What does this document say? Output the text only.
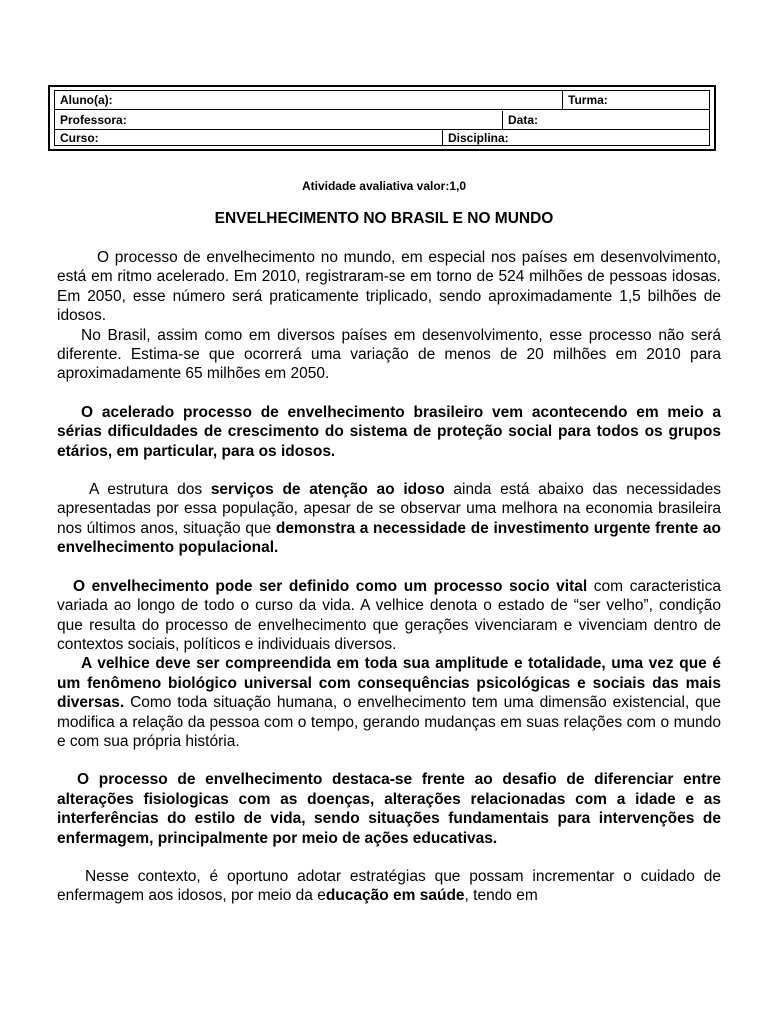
Aluno(a):	Turma:
Professora:	Data:
Curso:	Disciplina:
Atividade avaliativa valor:1,0
ENVELHECIMENTO NO BRASIL E NO MUNDO

O processo de envelhecimento no mundo, em especial nos países em desenvolvimento, está em ritmo acelerado. Em 2010, registraram-se em torno de 524 milhões de pessoas idosas. Em 2050, esse número será praticamente triplicado, sendo aproximadamente 1,5 bilhões de idosos.

No Brasil, assim como em diversos países em desenvolvimento, esse processo não será diferente. Estima-se que ocorrerá uma variação de menos de 20 milhões em 2010 para aproximadamente 65 milhões em 2050.

O acelerado processo de envelhecimento brasileiro vem acontecendo em meio a sérias dificuldades de crescimento do sistema de proteção social para todos os grupos etários, em particular, para os idosos.

A estrutura dos serviços de atenção ao idoso ainda está abaixo das necessidades apresentadas por essa população, apesar de se observar uma melhora na economia brasileira nos últimos anos, situação que demonstra a necessidade de investimento urgente frente ao envelhecimento populacional.

O envelhecimento pode ser definido como um processo socio vital com caracteristica variada ao longo de todo o curso da vida. A velhice denota o estado de “ser velho”, condição que resulta do processo de envelhecimento que gerações vivenciaram e vivenciam dentro de contextos sociais, políticos e individuais diversos.

A velhice deve ser compreendida em toda sua amplitude e totalidade, uma vez que é um fenômeno biológico universal com consequências psicológicas e sociais das mais diversas. Como toda situação humana, o envelhecimento tem uma dimensão existencial, que modifica a relação da pessoa com o tempo, gerando mudanças em suas relações com o mundo e com sua própria história.

O processo de envelhecimento destaca-se frente ao desafio de diferenciar entre alterações fisiologicas com as doenças, alterações relacionadas com a idade e as interferências do estilo de vida, sendo situações fundamentais para intervenções de enfermagem, principalmente por meio de ações educativas.

Nesse contexto, é oportuno adotar estratégias que possam incrementar o cuidado de enfermagem aos idosos, por meio da educação em saúde, tendo em
